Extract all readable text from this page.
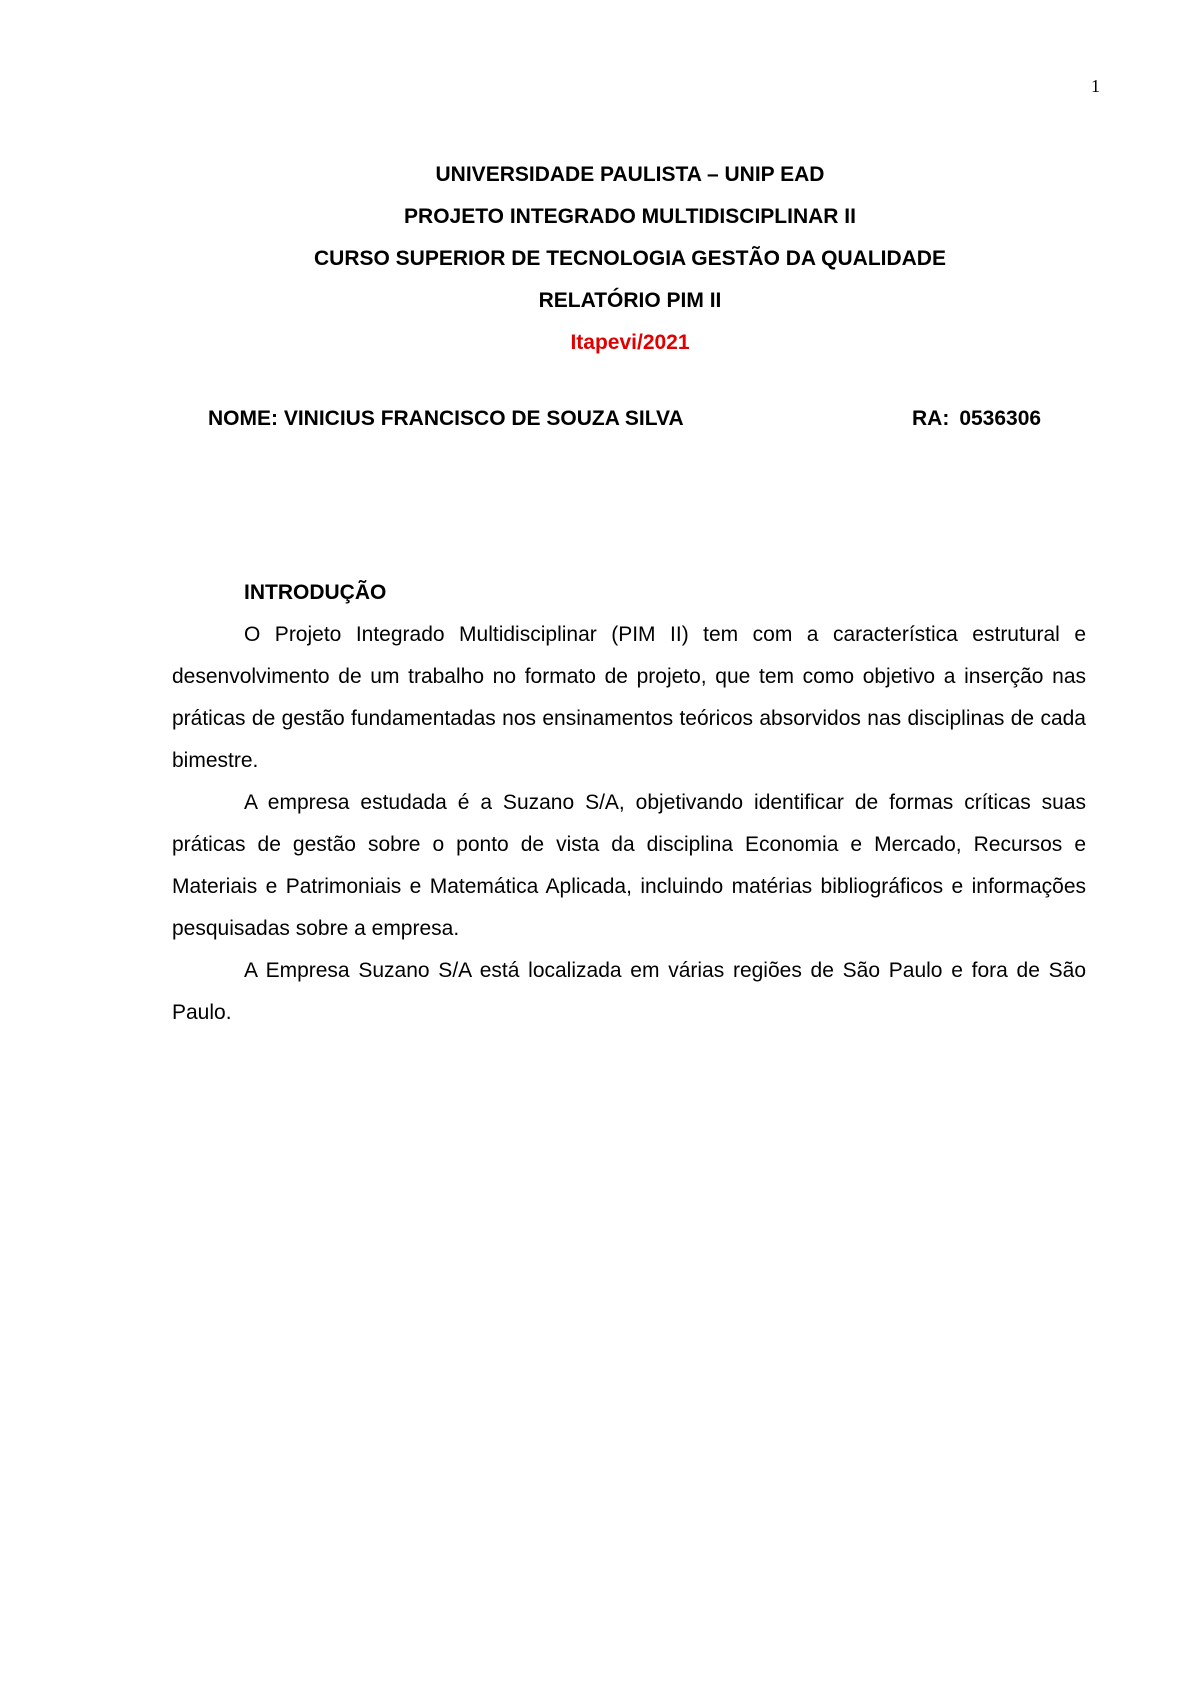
1

UNIVERSIDADE PAULISTA – UNIP EAD

PROJETO INTEGRADO MULTIDISCIPLINAR II

CURSO SUPERIOR DE TECNOLOGIA GESTÃO DA QUALIDADE

RELATÓRIO PIM II

Itapevi/2021

NOME: VINICIUS FRANCISCO DE SOUZA SILVA	RA: 0536306

INTRODUÇÃO

O Projeto Integrado Multidisciplinar (PIM II) tem com a característica estrutural e desenvolvimento de um trabalho no formato de projeto, que tem como objetivo a inserção nas práticas de gestão fundamentadas nos ensinamentos teóricos absorvidos nas disciplinas de cada bimestre.

A empresa estudada é a Suzano S/A, objetivando identificar de formas críticas suas práticas de gestão sobre o ponto de vista da disciplina Economia e Mercado, Recursos e Materiais e Patrimoniais e Matemática Aplicada, incluindo matérias bibliográficos e informações pesquisadas sobre a empresa.

A Empresa Suzano S/A está localizada em várias regiões de São Paulo e fora de São Paulo.
